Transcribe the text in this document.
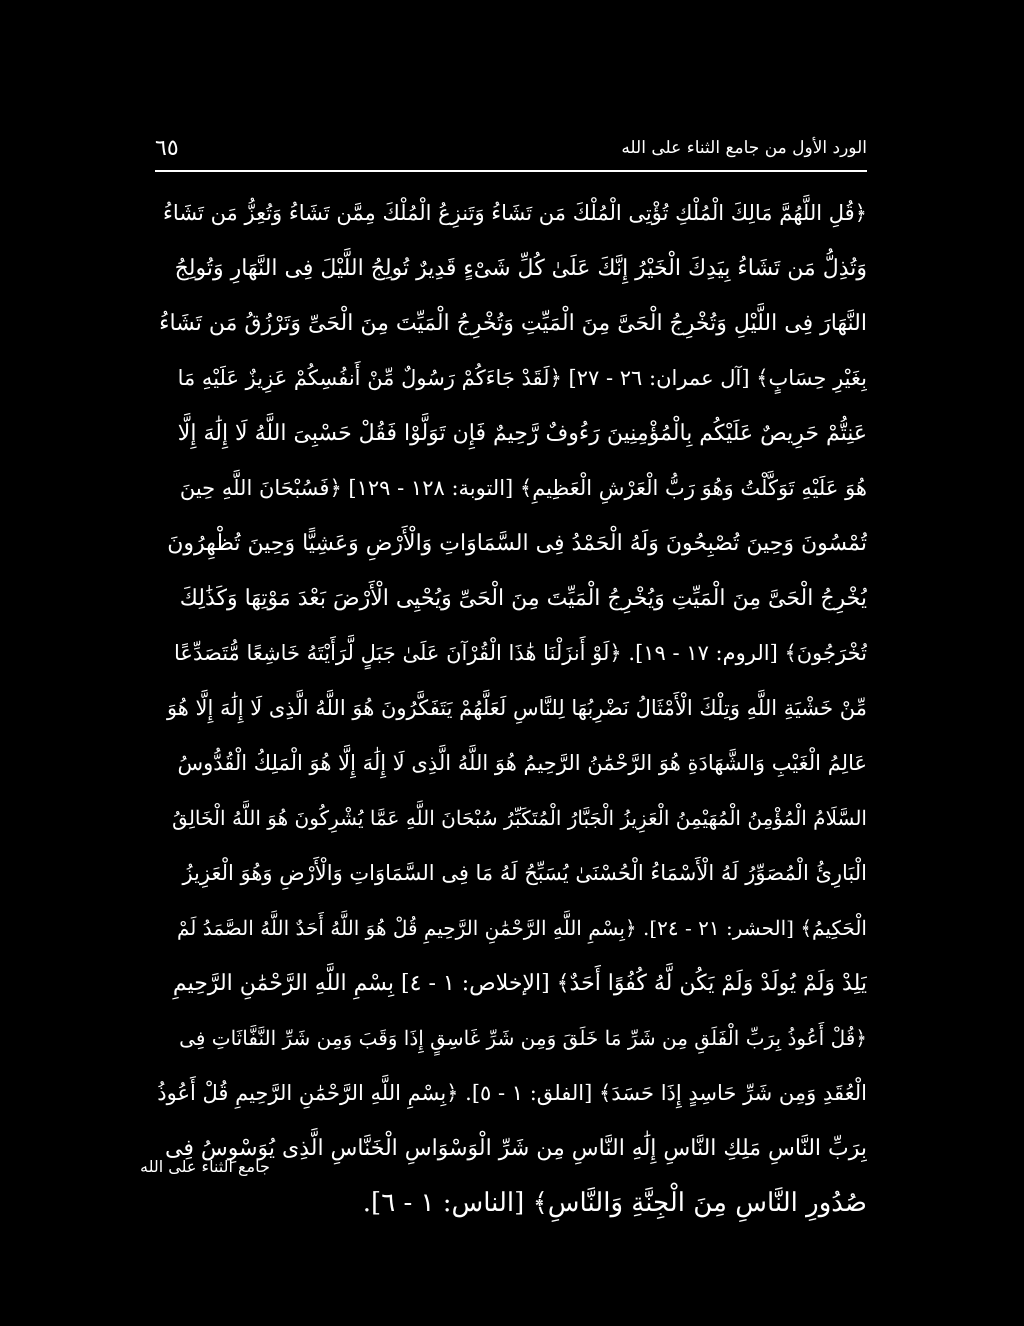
٦٥	الورد الأول من جامع الثناء على الله
﴿قُلِ اللَّهُمَّ مَالِكَ الْمُلْكِ تُؤْتِى الْمُلْكَ مَن تَشَاءُ وَتَنزِعُ الْمُلْكَ مِمَّن تَشَاءُ وَتُعِزُّ مَن تَشَاءُ
وَتُذِلُّ مَن تَشَاءُ بِيَدِكَ الْخَيْرُ إِنَّكَ عَلَىٰ كُلِّ شَىْءٍ قَدِيرٌ تُولِجُ اللَّيْلَ فِى النَّهَارِ وَتُولِجُ
النَّهَارَ فِى اللَّيْلِ وَتُخْرِجُ الْحَىَّ مِنَ الْمَيِّتِ وَتُخْرِجُ الْمَيِّتَ مِنَ الْحَىِّ وَتَرْزُقُ مَن تَشَاءُ
بِغَيْرِ حِسَابٍ﴾ [آل عمران: ٢٦ - ٢٧] ﴿لَقَدْ جَاءَكُمْ رَسُولٌ مِّنْ أَنفُسِكُمْ عَزِيزٌ عَلَيْهِ مَا
عَنِتُّمْ حَرِيصٌ عَلَيْكُم بِالْمُؤْمِنِينَ رَءُوفٌ رَّحِيمٌ فَإِن تَوَلَّوْا فَقُلْ حَسْبِىَ اللَّهُ لَا إِلَٰهَ إِلَّا
هُوَ عَلَيْهِ تَوَكَّلْتُ وَهُوَ رَبُّ الْعَرْشِ الْعَظِيمِ﴾ [التوبة: ١٢٨ - ١٢٩] ﴿فَسُبْحَانَ اللَّهِ حِينَ
تُمْسُونَ وَحِينَ تُصْبِحُونَ وَلَهُ الْحَمْدُ فِى السَّمَاوَاتِ وَالْأَرْضِ وَعَشِيًّا وَحِينَ تُظْهِرُونَ
يُخْرِجُ الْحَىَّ مِنَ الْمَيِّتِ وَيُخْرِجُ الْمَيِّتَ مِنَ الْحَىِّ وَيُحْيِى الْأَرْضَ بَعْدَ مَوْتِهَا وَكَذَٰلِكَ
تُخْرَجُونَ﴾ [الروم: ١٧ - ١٩]. ﴿لَوْ أَنزَلْنَا هَٰذَا الْقُرْآنَ عَلَىٰ جَبَلٍ لَّرَأَيْتَهُ خَاشِعًا مُّتَصَدِّعًا
مِّنْ خَشْيَةِ اللَّهِ وَتِلْكَ الْأَمْثَالُ نَضْرِبُهَا لِلنَّاسِ لَعَلَّهُمْ يَتَفَكَّرُونَ هُوَ اللَّهُ الَّذِى لَا إِلَٰهَ إِلَّا هُوَ
عَالِمُ الْغَيْبِ وَالشَّهَادَةِ هُوَ الرَّحْمَٰنُ الرَّحِيمُ هُوَ اللَّهُ الَّذِى لَا إِلَٰهَ إِلَّا هُوَ الْمَلِكُ الْقُدُّوسُ
السَّلَامُ الْمُؤْمِنُ الْمُهَيْمِنُ الْعَزِيزُ الْجَبَّارُ الْمُتَكَبِّرُ سُبْحَانَ اللَّهِ عَمَّا يُشْرِكُونَ هُوَ اللَّهُ الْخَالِقُ
الْبَارِئُ الْمُصَوِّرُ لَهُ الْأَسْمَاءُ الْحُسْنَىٰ يُسَبِّحُ لَهُ مَا فِى السَّمَاوَاتِ وَالْأَرْضِ وَهُوَ الْعَزِيزُ
الْحَكِيمُ﴾ [الحشر: ٢١ - ٢٤]. ﴿بِسْمِ اللَّهِ الرَّحْمَٰنِ الرَّحِيمِ قُلْ هُوَ اللَّهُ أَحَدٌ اللَّهُ الصَّمَدُ لَمْ
يَلِدْ وَلَمْ يُولَدْ وَلَمْ يَكُن لَّهُ كُفُوًا أَحَدٌ﴾ [الإخلاص: ١ - ٤] بِسْمِ اللَّهِ الرَّحْمَٰنِ الرَّحِيمِ
﴿قُلْ أَعُوذُ بِرَبِّ الْفَلَقِ مِن شَرِّ مَا خَلَقَ وَمِن شَرِّ غَاسِقٍ إِذَا وَقَبَ وَمِن شَرِّ النَّفَّاثَاتِ فِى
الْعُقَدِ وَمِن شَرِّ حَاسِدٍ إِذَا حَسَدَ﴾ [الفلق: ١ - ٥]. ﴿بِسْمِ اللَّهِ الرَّحْمَٰنِ الرَّحِيمِ قُلْ أَعُوذُ
بِرَبِّ النَّاسِ مَلِكِ النَّاسِ إِلَٰهِ النَّاسِ مِن شَرِّ الْوَسْوَاسِ الْخَنَّاسِ الَّذِى يُوَسْوِسُ فِى
صُدُورِ النَّاسِ مِنَ الْجِنَّةِ وَالنَّاسِ﴾ [الناس: ١ - ٦].
جامع الثناء على الله
